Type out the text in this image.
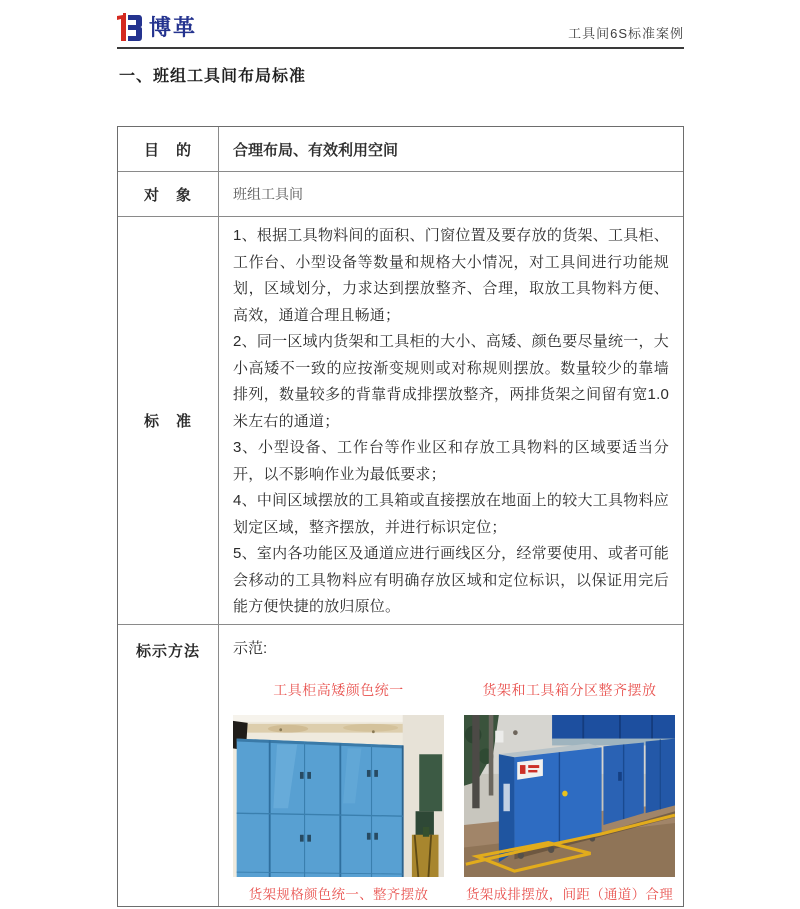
博革	工具间6S标准案例
一、班组工具间布局标准
目　的	合理布局、有效利用空间
对　象	班组工具间
标　准

1、根据工具物料间的面积、门窗位置及要存放的货架、工具柜、工作台、小型设备等数量和规格大小情况，对工具间进行功能规划，区域划分，力求达到摆放整齐、合理，取放工具物料方便、高效，通道合理且畅通；

2、同一区域内货架和工具柜的大小、高矮、颜色要尽量统一，大小高矮不一致的应按渐变规则或对称规则摆放。数量较少的靠墙排列，数量较多的背靠背成排摆放整齐，两排货架之间留有宽1.0米左右的通道；

3、小型设备、工作台等作业区和存放工具物料的区域要适当分开，以不影响作业为最低要求；

4、中间区域摆放的工具箱或直接摆放在地面上的较大工具物料应划定区域，整齐摆放，并进行标识定位；

5、室内各功能区及通道应进行画线区分，经常要使用、或者可能会移动的工具物料应有明确存放区域和定位标识，以保证用完后能方便快捷的放归原位。

标示方法	示范:
工具柜高矮颜色统一
货架规格颜色统一、整齐摆放
货架和工具箱分区整齐摆放
货架成排摆放，间距（通道）合理
